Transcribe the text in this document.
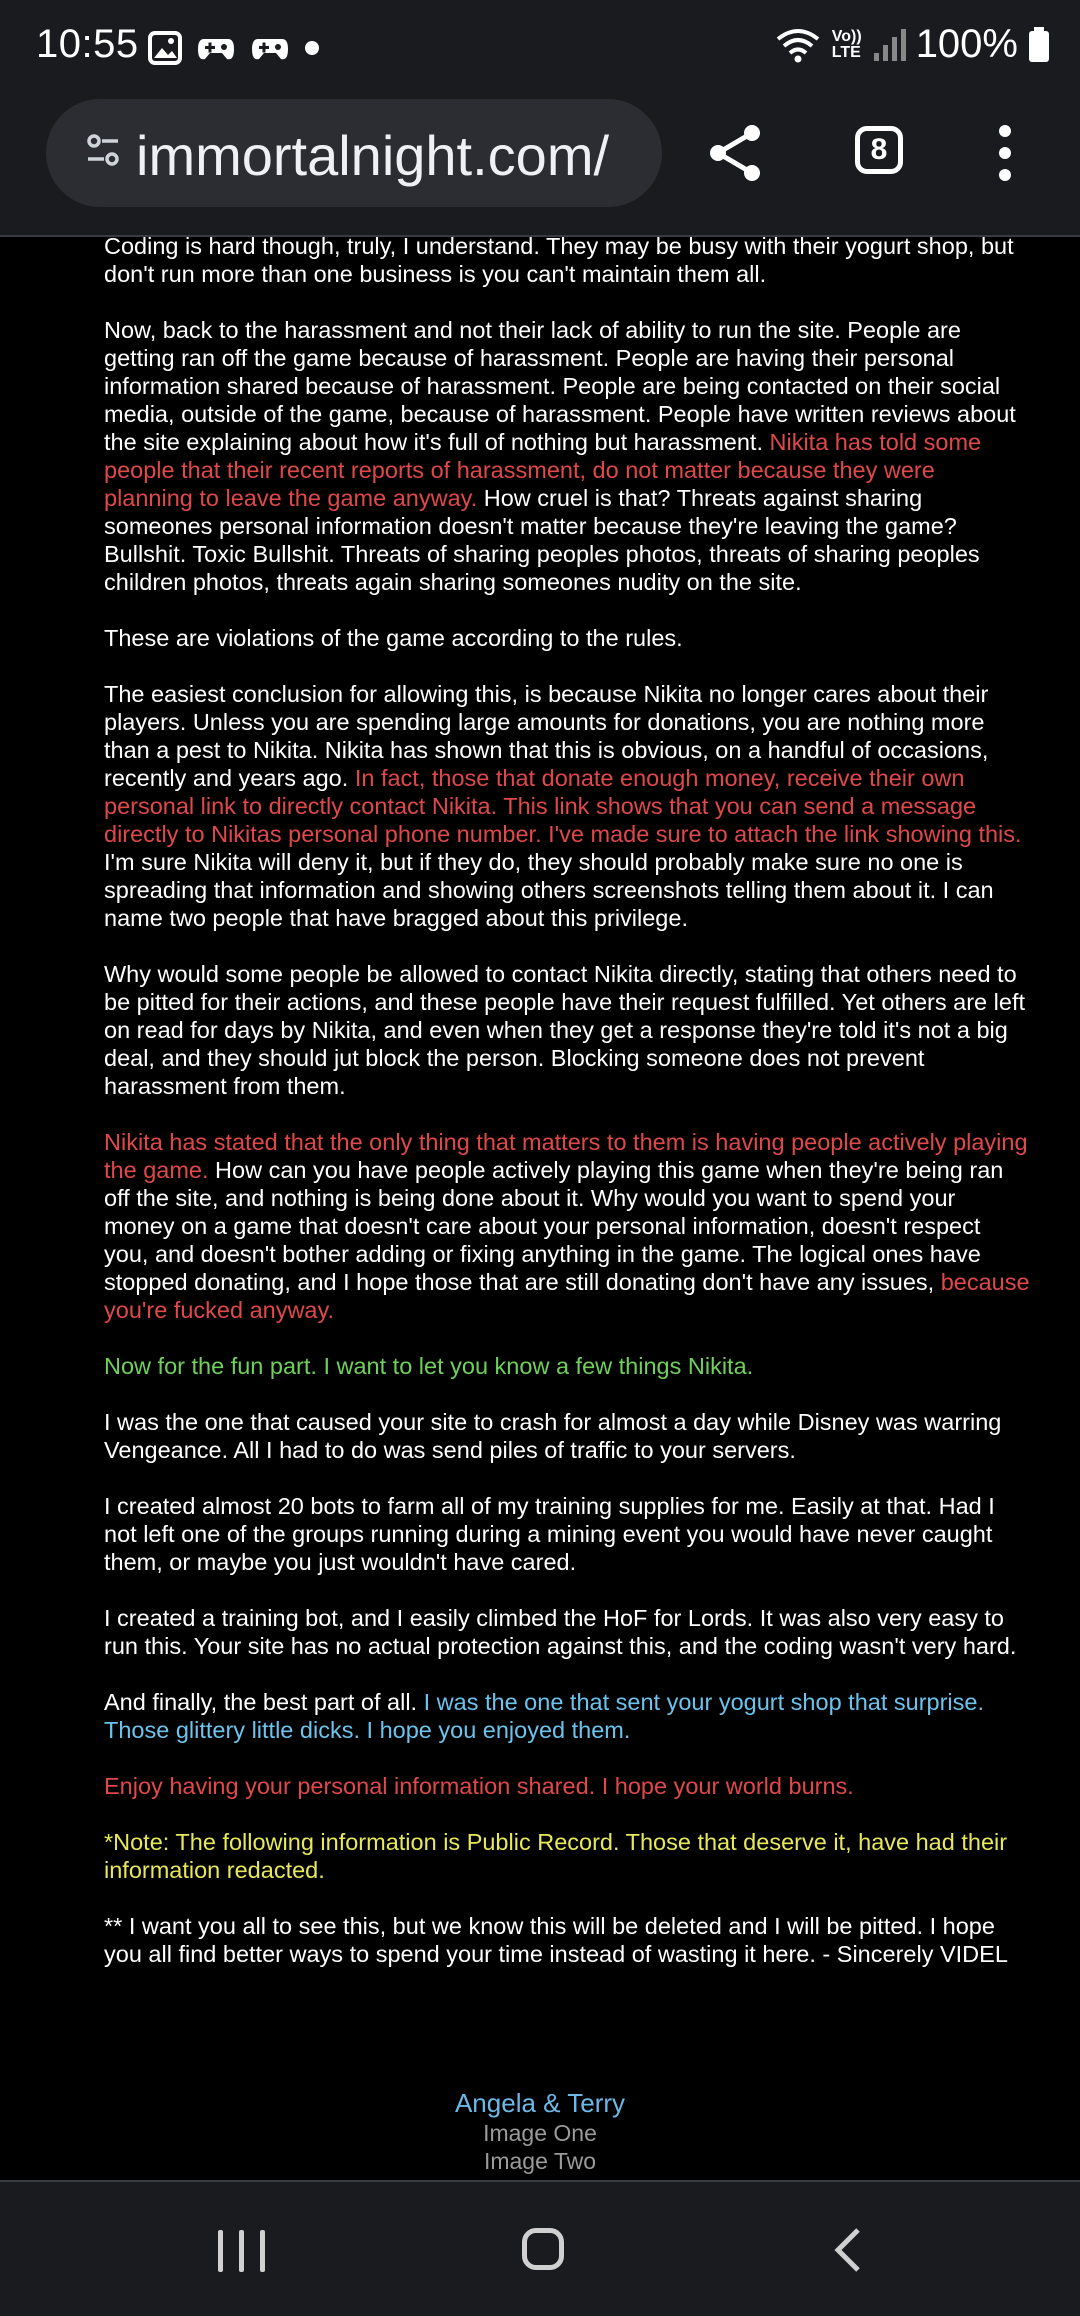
10:55	Vo))
LTE 100%
immortalnight.com/	8

Coding is hard though, truly, I understand. They may be busy with their yogurt shop, but don't run more than one business is you can't maintain them all.

Now, back to the harassment and not their lack of ability to run the site. People are getting ran off the game because of harassment. People are having their personal information shared because of harassment. People are being contacted on their social media, outside of the game, because of harassment. People have written reviews about the site explaining about how it's full of nothing but harassment. Nikita has told some people that their recent reports of harassment, do not matter because they were planning to leave the game anyway. How cruel is that? Threats against sharing someones personal information doesn't matter because they're leaving the game? Bullshit. Toxic Bullshit. Threats of sharing peoples photos, threats of sharing peoples children photos, threats again sharing someones nudity on the site.

These are violations of the game according to the rules.

The easiest conclusion for allowing this, is because Nikita no longer cares about their players. Unless you are spending large amounts for donations, you are nothing more than a pest to Nikita. Nikita has shown that this is obvious, on a handful of occasions, recently and years ago. In fact, those that donate enough money, receive their own personal link to directly contact Nikita. This link shows that you can send a message directly to Nikitas personal phone number. I've made sure to attach the link showing this. I'm sure Nikita will deny it, but if they do, they should probably make sure no one is spreading that information and showing others screenshots telling them about it. I can name two people that have bragged about this privilege.

Why would some people be allowed to contact Nikita directly, stating that others need to be pitted for their actions, and these people have their request fulfilled. Yet others are left on read for days by Nikita, and even when they get a response they're told it's not a big deal, and they should jut block the person. Blocking someone does not prevent harassment from them.

Nikita has stated that the only thing that matters to them is having people actively playing the game. How can you have people actively playing this game when they're being ran off the site, and nothing is being done about it. Why would you want to spend your money on a game that doesn't care about your personal information, doesn't respect you, and doesn't bother adding or fixing anything in the game. The logical ones have stopped donating, and I hope those that are still donating don't have any issues, because you're fucked anyway.

Now for the fun part. I want to let you know a few things Nikita.

I was the one that caused your site to crash for almost a day while Disney was warring Vengeance. All I had to do was send piles of traffic to your servers.

I created almost 20 bots to farm all of my training supplies for me. Easily at that. Had I not left one of the groups running during a mining event you would have never caught them, or maybe you just wouldn't have cared.

I created a training bot, and I easily climbed the HoF for Lords. It was also very easy to run this. Your site has no actual protection against this, and the coding wasn't very hard.

And finally, the best part of all. I was the one that sent your yogurt shop that surprise. Those glittery little dicks. I hope you enjoyed them.

Enjoy having your personal information shared. I hope your world burns.

*Note: The following information is Public Record. Those that deserve it, have had their information redacted.

** I want you all to see this, but we know this will be deleted and I will be pitted. I hope you all find better ways to spend your time instead of wasting it here. - Sincerely VIDEL

Angela & Terry
Image One
Image Two
